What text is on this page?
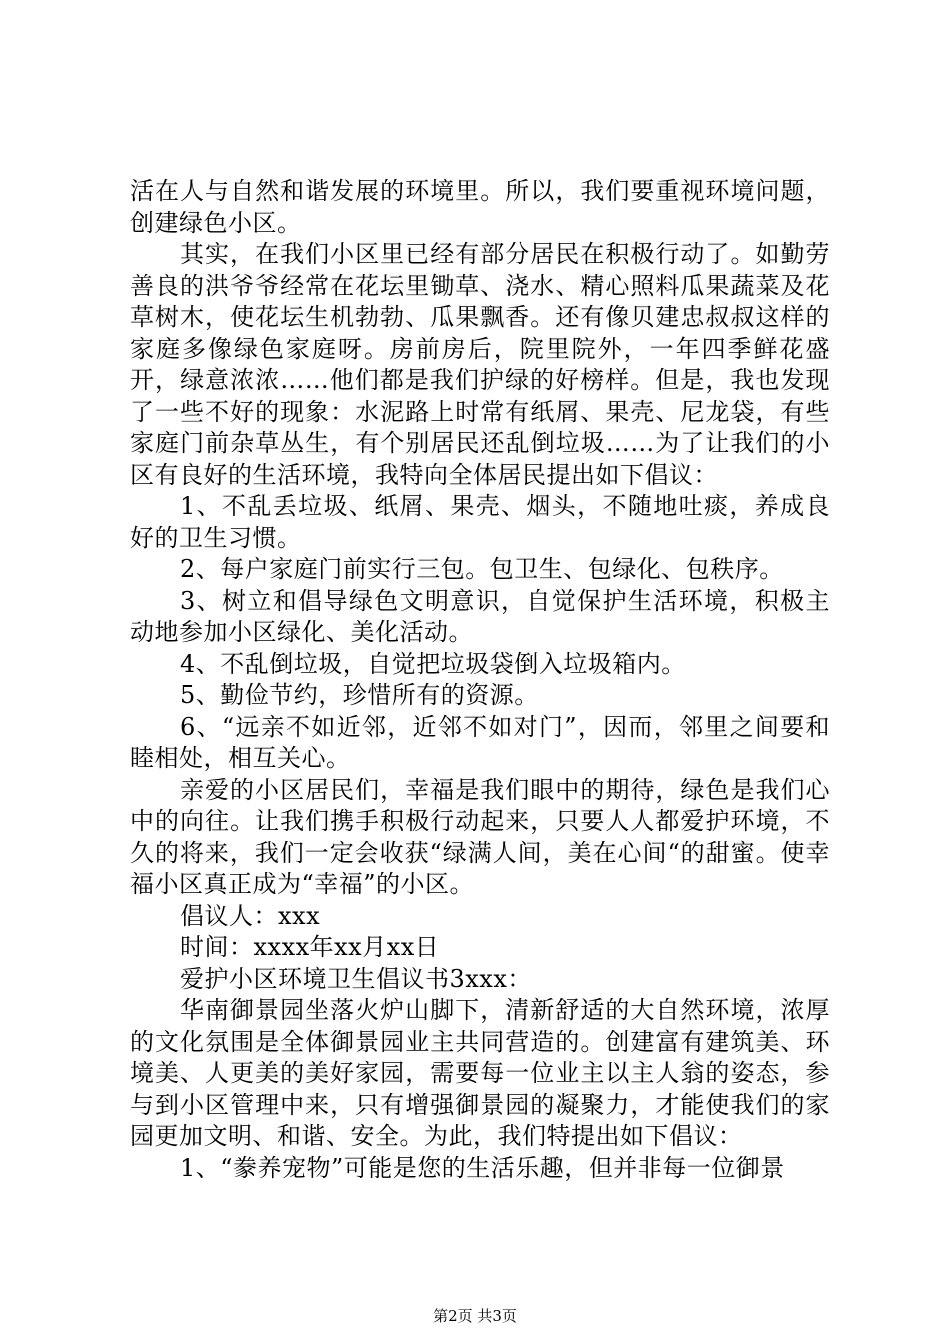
活在人与自然和谐发展的环境里。所以，我们要重视环境问题，创建绿色小区。

其实，在我们小区里已经有部分居民在积极行动了。如勤劳善良的洪爷爷经常在花坛里锄草、浇水、精心照料瓜果蔬菜及花草树木，使花坛生机勃勃、瓜果飘香。还有像贝建忠叔叔这样的家庭多像绿色家庭呀。房前房后，院里院外，一年四季鲜花盛开，绿意浓浓……他们都是我们护绿的好榜样。但是，我也发现了一些不好的现象：水泥路上时常有纸屑、果壳、尼龙袋，有些家庭门前杂草丛生，有个别居民还乱倒垃圾……为了让我们的小区有良好的生活环境，我特向全体居民提出如下倡议：

1、不乱丢垃圾、纸屑、果壳、烟头，不随地吐痰，养成良好的卫生习惯。

2、每户家庭门前实行三包。包卫生、包绿化、包秩序。

3、树立和倡导绿色文明意识，自觉保护生活环境，积极主动地参加小区绿化、美化活动。

4、不乱倒垃圾，自觉把垃圾袋倒入垃圾箱内。

5、勤俭节约，珍惜所有的资源。

6、“远亲不如近邻，近邻不如对门”，因而，邻里之间要和睦相处，相互关心。

亲爱的小区居民们，幸福是我们眼中的期待，绿色是我们心中的向往。让我们携手积极行动起来，只要人人都爱护环境，不久的将来，我们一定会收获“绿满人间，美在心间“的甜蜜。使幸福小区真正成为“幸福”的小区。

倡议人：xxx

时间：xxxx年xx月xx日

爱护小区环境卫生倡议书3xxx：

华南御景园坐落火炉山脚下，清新舒适的大自然环境，浓厚的文化氛围是全体御景园业主共同营造的。创建富有建筑美、环境美、人更美的美好家园，需要每一位业主以主人翁的姿态，参与到小区管理中来，只有增强御景园的凝聚力，才能使我们的家园更加文明、和谐、安全。为此，我们特提出如下倡议：

1、“豢养宠物”可能是您的生活乐趣，但并非每一位御景

第2页 共3页
